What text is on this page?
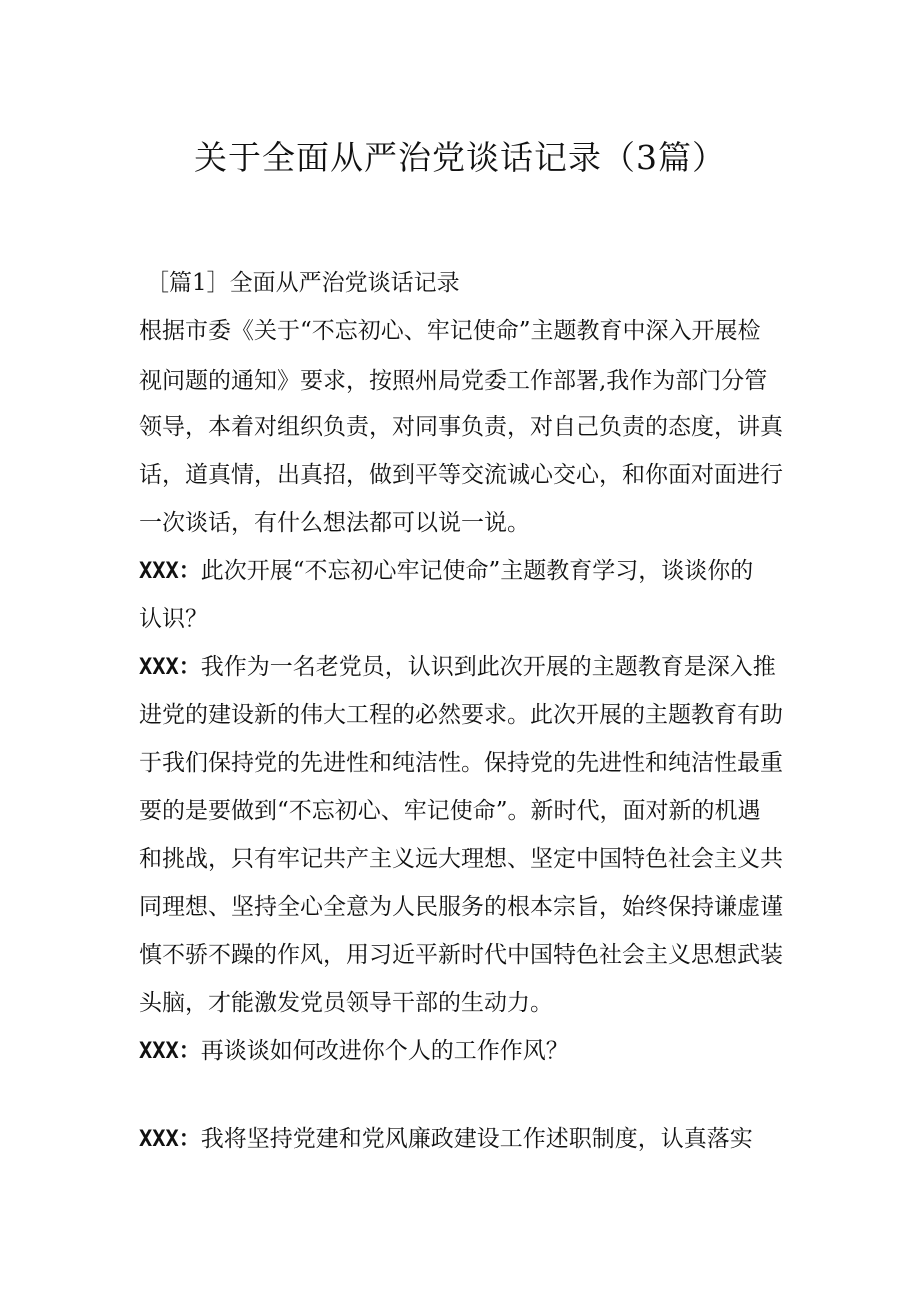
关于全面从严治党谈话记录（3篇）
［篇1］全面从严治党谈话记录
根据市委《关于“不忘初心、牢记使命”主题教育中深入开展检
视问题的通知》要求，按照州局党委工作部署,我作为部门分管
领导，本着对组织负责，对同事负责，对自己负责的态度，讲真
话，道真情，出真招，做到平等交流诚心交心，和你面对面进行
一次谈话，有什么想法都可以说一说。
XXX：此次开展“不忘初心牢记使命”主题教育学习，谈谈你的
认识？
XXX：我作为一名老党员，认识到此次开展的主题教育是深入推
进党的建设新的伟大工程的必然要求。此次开展的主题教育有助
于我们保持党的先进性和纯洁性。保持党的先进性和纯洁性最重
要的是要做到“不忘初心、牢记使命”。新时代，面对新的机遇
和挑战，只有牢记共产主义远大理想、坚定中国特色社会主义共
同理想、坚持全心全意为人民服务的根本宗旨，始终保持谦虚谨
慎不骄不躁的作风，用习近平新时代中国特色社会主义思想武装
头脑，才能激发党员领导干部的生动力。
XXX：再谈谈如何改进你个人的工作作风？
XXX：我将坚持党建和党风廉政建设工作述职制度，认真落实
